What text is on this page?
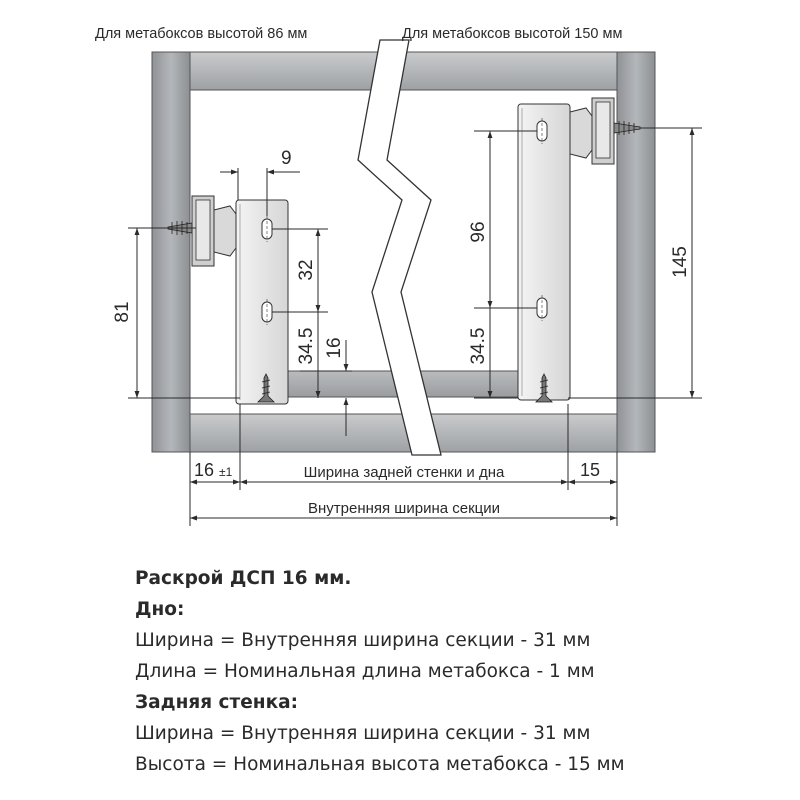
Для метабоксов высотой 86 мм	Для метабоксов высотой 150 мм
9
32
81
34.5 16
96
34.5
145
16 ±1	Ширина задней стенки и дна	15
Внутренняя ширина секции
Раскрой ДСП 16 мм.
Дно:
Ширина = Внутренняя ширина секции - 31 мм
Длина = Номинальная длина метабокса - 1 мм
Задняя стенка:
Ширина = Внутренняя ширина секции - 31 мм
Высота = Номинальная высота метабокса - 15 мм
